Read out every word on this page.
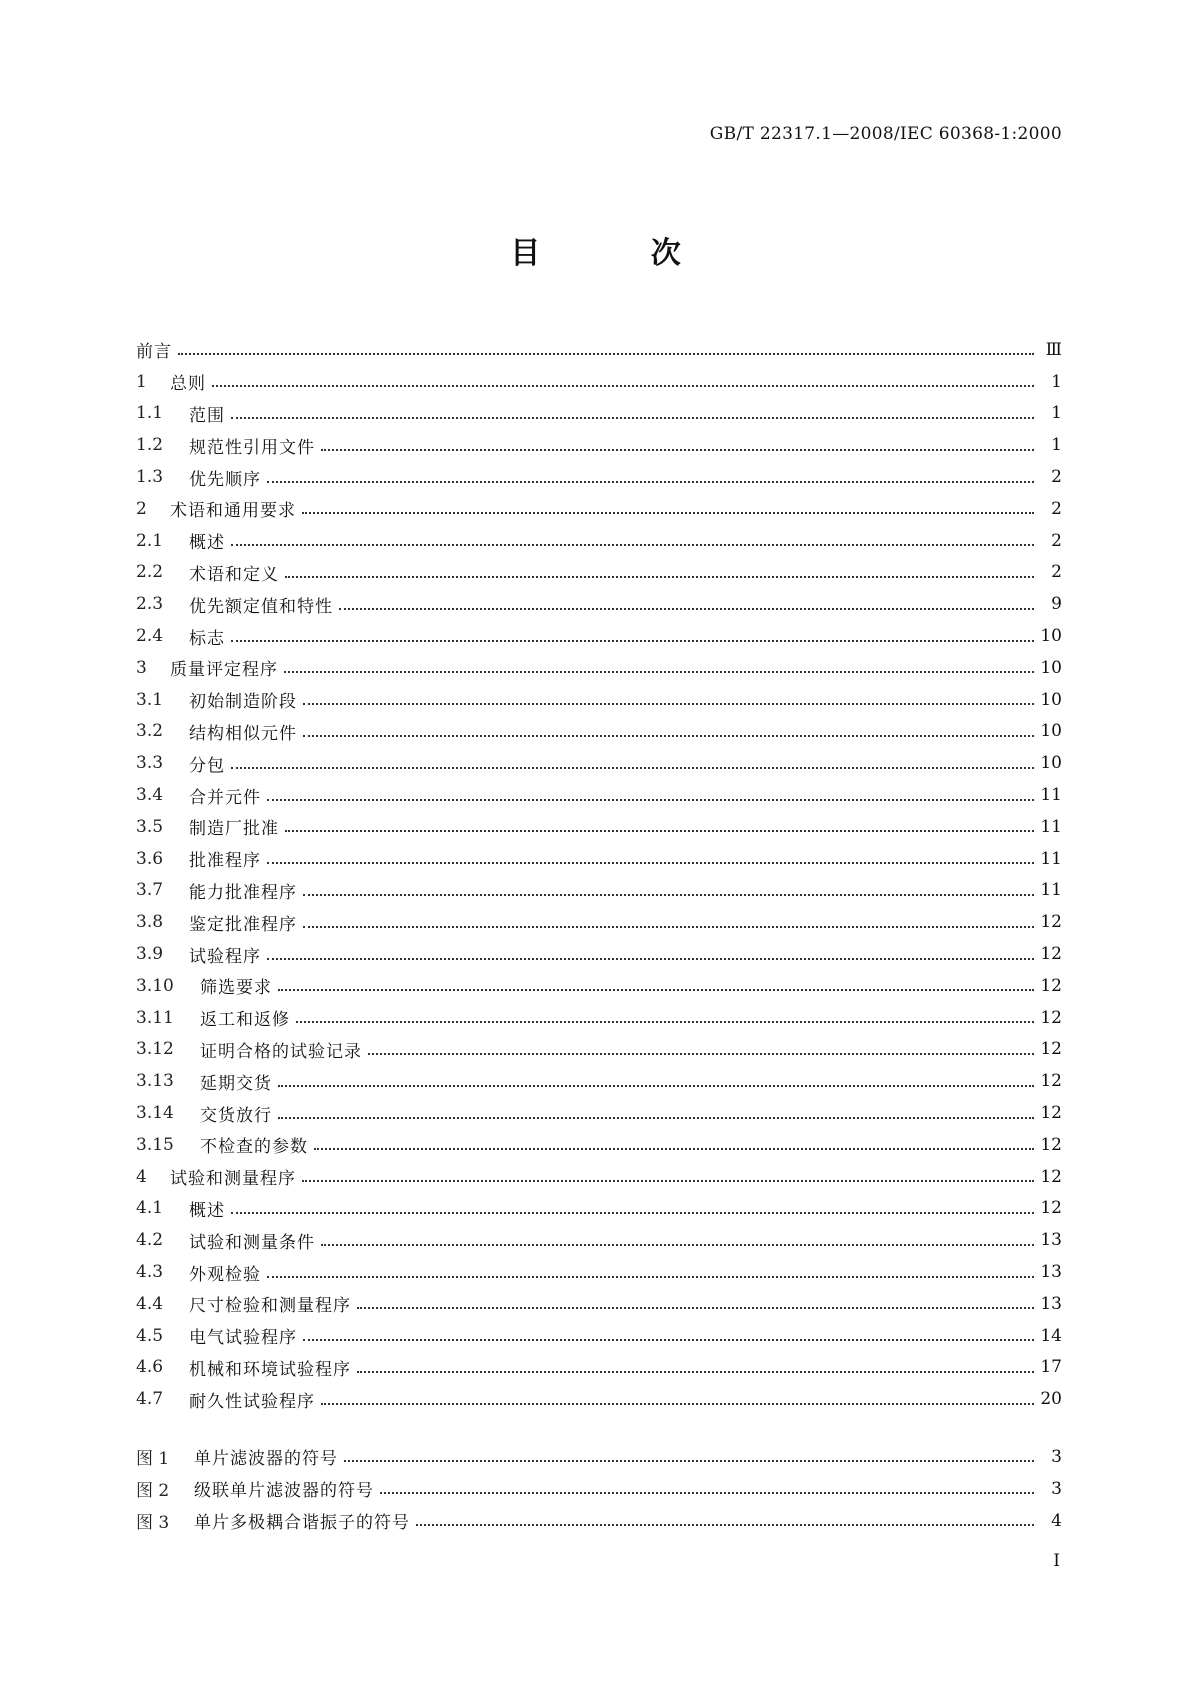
GB/T 22317.1—2008/IEC 60368-1:2000
目 次
前言	Ⅲ
1	总则	1
1.1	范围	1
1.2	规范性引用文件	1
1.3	优先顺序	2
2	术语和通用要求	2
2.1	概述	2
2.2	术语和定义	2
2.3	优先额定值和特性	9
2.4	标志	10
3	质量评定程序	10
3.1	初始制造阶段	10
3.2	结构相似元件	10
3.3	分包	10
3.4	合并元件	11
3.5	制造厂批准	11
3.6	批准程序	11
3.7	能力批准程序	11
3.8	鉴定批准程序	12
3.9	试验程序	12
3.10	筛选要求	12
3.11	返工和返修	12
3.12	证明合格的试验记录	12
3.13	延期交货	12
3.14	交货放行	12
3.15	不检查的参数	12
4	试验和测量程序	12
4.1	概述	12
4.2	试验和测量条件	13
4.3	外观检验	13
4.4	尺寸检验和测量程序	13
4.5	电气试验程序	14
4.6	机械和环境试验程序	17
4.7	耐久性试验程序	20
图 1	单片滤波器的符号	3
图 2	级联单片滤波器的符号	3
图 3	单片多极耦合谐振子的符号	4
I
